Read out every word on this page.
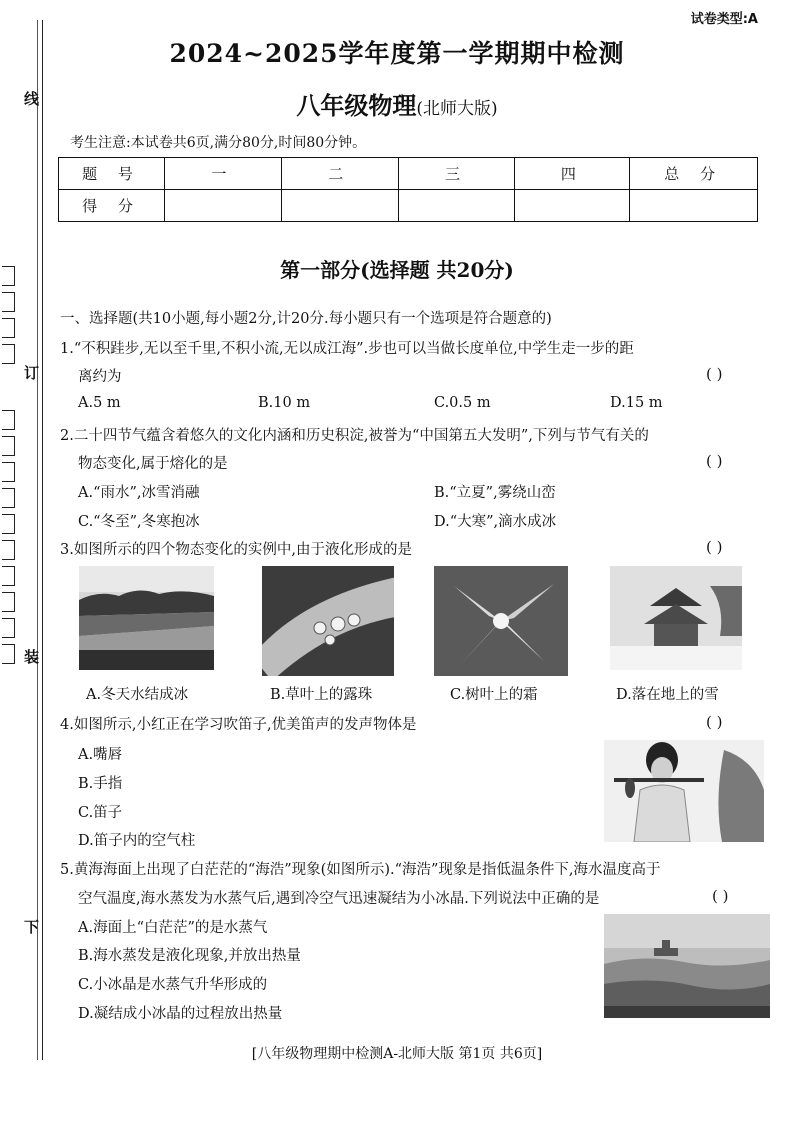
线
订
装
下
试卷类型:A
2024~2025学年度第一学期期中检测
八年级物理(北师大版)
考生注意:本试卷共6页,满分80分,时间80分钟。
题 号	一	二	三	四	总 分
得 分					
第一部分(选择题 共20分)
一、选择题(共10小题,每小题2分,计20分.每小题只有一个选项是符合题意的)
1.“不积跬步,无以至千里,不积小流,无以成江海”.步也可以当做长度单位,中学生走一步的距
离约为	( )
A.5 m	B.10 m	C.0.5 m	D.15 m
2.二十四节气蕴含着悠久的文化内涵和历史积淀,被誉为“中国第五大发明”,下列与节气有关的
物态变化,属于熔化的是	( )
A.“雨水”,冰雪消融	B.“立夏”,雾绕山峦
C.“冬至”,冬寒抱冰	D.“大寒”,滴水成冰
3.如图所示的四个物态变化的实例中,由于液化形成的是	( )
A.冬天水结成冰	B.草叶上的露珠	C.树叶上的霜	D.落在地上的雪
4.如图所示,小红正在学习吹笛子,优美笛声的发声物体是	( )
A.嘴唇
B.手指
C.笛子
D.笛子内的空气柱
5.黄海海面上出现了白茫茫的“海浩”现象(如图所示).“海浩”现象是指低温条件下,海水温度高于
空气温度,海水蒸发为水蒸气后,遇到冷空气迅速凝结为小冰晶.下列说法中正确的是	( )
A.海面上“白茫茫”的是水蒸气
B.海水蒸发是液化现象,并放出热量
C.小冰晶是水蒸气升华形成的
D.凝结成小冰晶的过程放出热量
[八年级物理期中检测A-北师大版 第1页 共6页]
